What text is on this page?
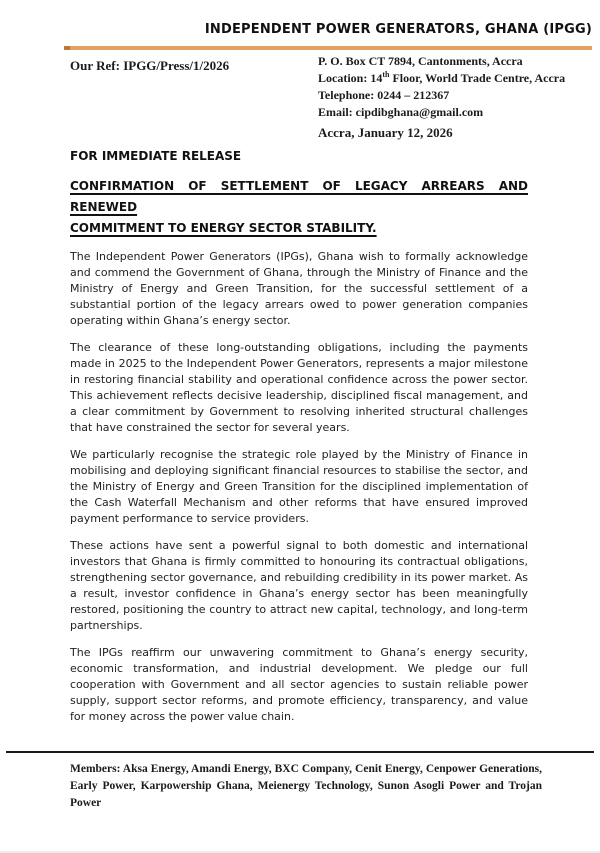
INDEPENDENT POWER GENERATORS, GHANA (IPGG)
Our Ref: IPGG/Press/1/2026	P. O. Box CT 7894, Cantonments, Accra
Location: 14th Floor, World Trade Centre, Accra
Telephone: 0244 – 212367
Email: cipdibghana@gmail.com
Accra, January 12, 2026

FOR IMMEDIATE RELEASE

CONFIRMATION OF SETTLEMENT OF LEGACY ARREARS AND RENEWED
COMMITMENT TO ENERGY SECTOR STABILITY.

The Independent Power Generators (IPGs), Ghana wish to formally acknowledge and commend the Government of Ghana, through the Ministry of Finance and the Ministry of Energy and Green Transition, for the successful settlement of a substantial portion of the legacy arrears owed to power generation companies operating within Ghana’s energy sector.

The clearance of these long-outstanding obligations, including the payments made in 2025 to the Independent Power Generators, represents a major milestone in restoring financial stability and operational confidence across the power sector. This achievement reflects decisive leadership, disciplined fiscal management, and a clear commitment by Government to resolving inherited structural challenges that have constrained the sector for several years.

We particularly recognise the strategic role played by the Ministry of Finance in mobilising and deploying significant financial resources to stabilise the sector, and the Ministry of Energy and Green Transition for the disciplined implementation of the Cash Waterfall Mechanism and other reforms that have ensured improved payment performance to service providers.

These actions have sent a powerful signal to both domestic and international investors that Ghana is firmly committed to honouring its contractual obligations, strengthening sector governance, and rebuilding credibility in its power market. As a result, investor confidence in Ghana’s energy sector has been meaningfully restored, positioning the country to attract new capital, technology, and long-term partnerships.

The IPGs reaffirm our unwavering commitment to Ghana’s energy security, economic transformation, and industrial development. We pledge our full cooperation with Government and all sector agencies to sustain reliable power supply, support sector reforms, and promote efficiency, transparency, and value for money across the power value chain.

Members: Aksa Energy, Amandi Energy, BXC Company, Cenit Energy, Cenpower Generations, Early Power, Karpowership Ghana, Meienergy Technology, Sunon Asogli Power and Trojan Power
